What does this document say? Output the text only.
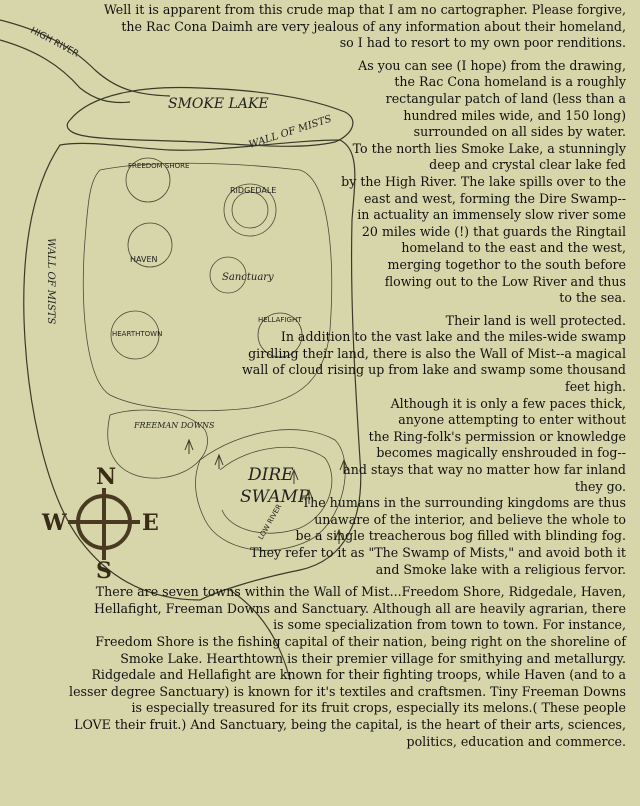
HIGH RIVER
SMOKE LAKE
WALL OF MISTS
WALL OF MISTS
FREEDOM SHORE
RIDGEDALE
HAVEN
Sanctuary
HEARTHTOWN
HELLAFIGHT
FREEMAN DOWNS
DIRE
SWAMP
LOW RIVER
N
S
W	E
Well it is apparent from this crude map that I am no cartographer. Please forgive,
the Rac Cona Daimh are very jealous of any information about their homeland,
so I had to resort to my own poor renditions.
As you can see (I hope) from the drawing,
the Rac Cona homeland is a roughly
rectangular patch of land (less than a
hundred miles wide, and 150 long)
surrounded on all sides by water.
To the north lies Smoke Lake, a stunningly
deep and crystal clear lake fed
by the High River. The lake spills over to the
east and west, forming the Dire Swamp--
in actuality an immensely slow river some
20 miles wide (!) that guards the Ringtail
homeland to the east and the west,
merging togethor to the south before
flowing out to the Low River and thus
to the sea.
Their land is well protected.
In addition to the vast lake and the miles-wide swamp
girdling their land, there is also the Wall of Mist--a magical
wall of cloud rising up from lake and swamp some thousand
feet high.
Although it is only a few paces thick,
anyone attempting to enter without
the Ring-folk's permission or knowledge
becomes magically enshrouded in fog--
and stays that way no matter how far inland
they go.
The humans in the surrounding kingdoms are thus
unaware of the interior, and believe the whole to
be a single treacherous bog filled with blinding fog.
They refer to it as "The Swamp of Mists," and avoid both it
and Smoke lake with a religious fervor.
There are seven towns within the Wall of Mist...Freedom Shore, Ridgedale, Haven,
Hellafight, Freeman Downs and Sanctuary. Although all are heavily agrarian, there
is some specialization from town to town. For instance,
Freedom Shore is the fishing capital of their nation, being right on the shoreline of
Smoke Lake. Hearthtown is their premier village for smithying and metallurgy.
Ridgedale and Hellafight are known for their fighting troops, while Haven (and to a
lesser degree Sanctuary) is known for it's textiles and craftsmen. Tiny Freeman Downs
is especially treasured for its fruit crops, especially its melons.( These people
LOVE their fruit.) And Sanctuary, being the capital, is the heart of their arts, sciences,
politics, education and commerce.
